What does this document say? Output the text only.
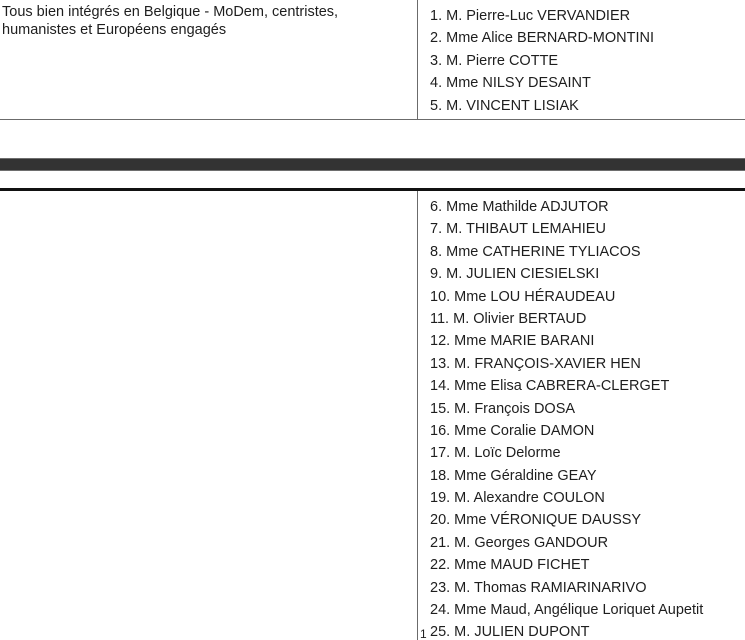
Tous bien intégrés en Belgique - MoDem, centristes, humanistes et Européens engagés
1. M. Pierre-Luc VERVANDIER
2. Mme Alice BERNARD-MONTINI
3. M. Pierre COTTE
4. Mme NILSY DESAINT
5. M. VINCENT LISIAK
6. Mme Mathilde ADJUTOR
7. M. THIBAUT LEMAHIEU
8. Mme CATHERINE TYLIACOS
9. M. JULIEN CIESIELSKI
10. Mme LOU HÉRAUDEAU
11. M. Olivier BERTAUD
12. Mme MARIE BARANI
13. M. FRANÇOIS-XAVIER HEN
14. Mme Elisa CABRERA-CLERGET
15. M. François DOSA
16. Mme Coralie DAMON
17. M. Loïc Delorme
18. Mme Géraldine GEAY
19. M. Alexandre COULON
20. Mme VÉRONIQUE DAUSSY
21. M. Georges GANDOUR
22. Mme MAUD FICHET
23. M. Thomas RAMIARINARIVO
24. Mme Maud, Angélique Loriquet Aupetit
25. M. JULIEN DUPONT
1
